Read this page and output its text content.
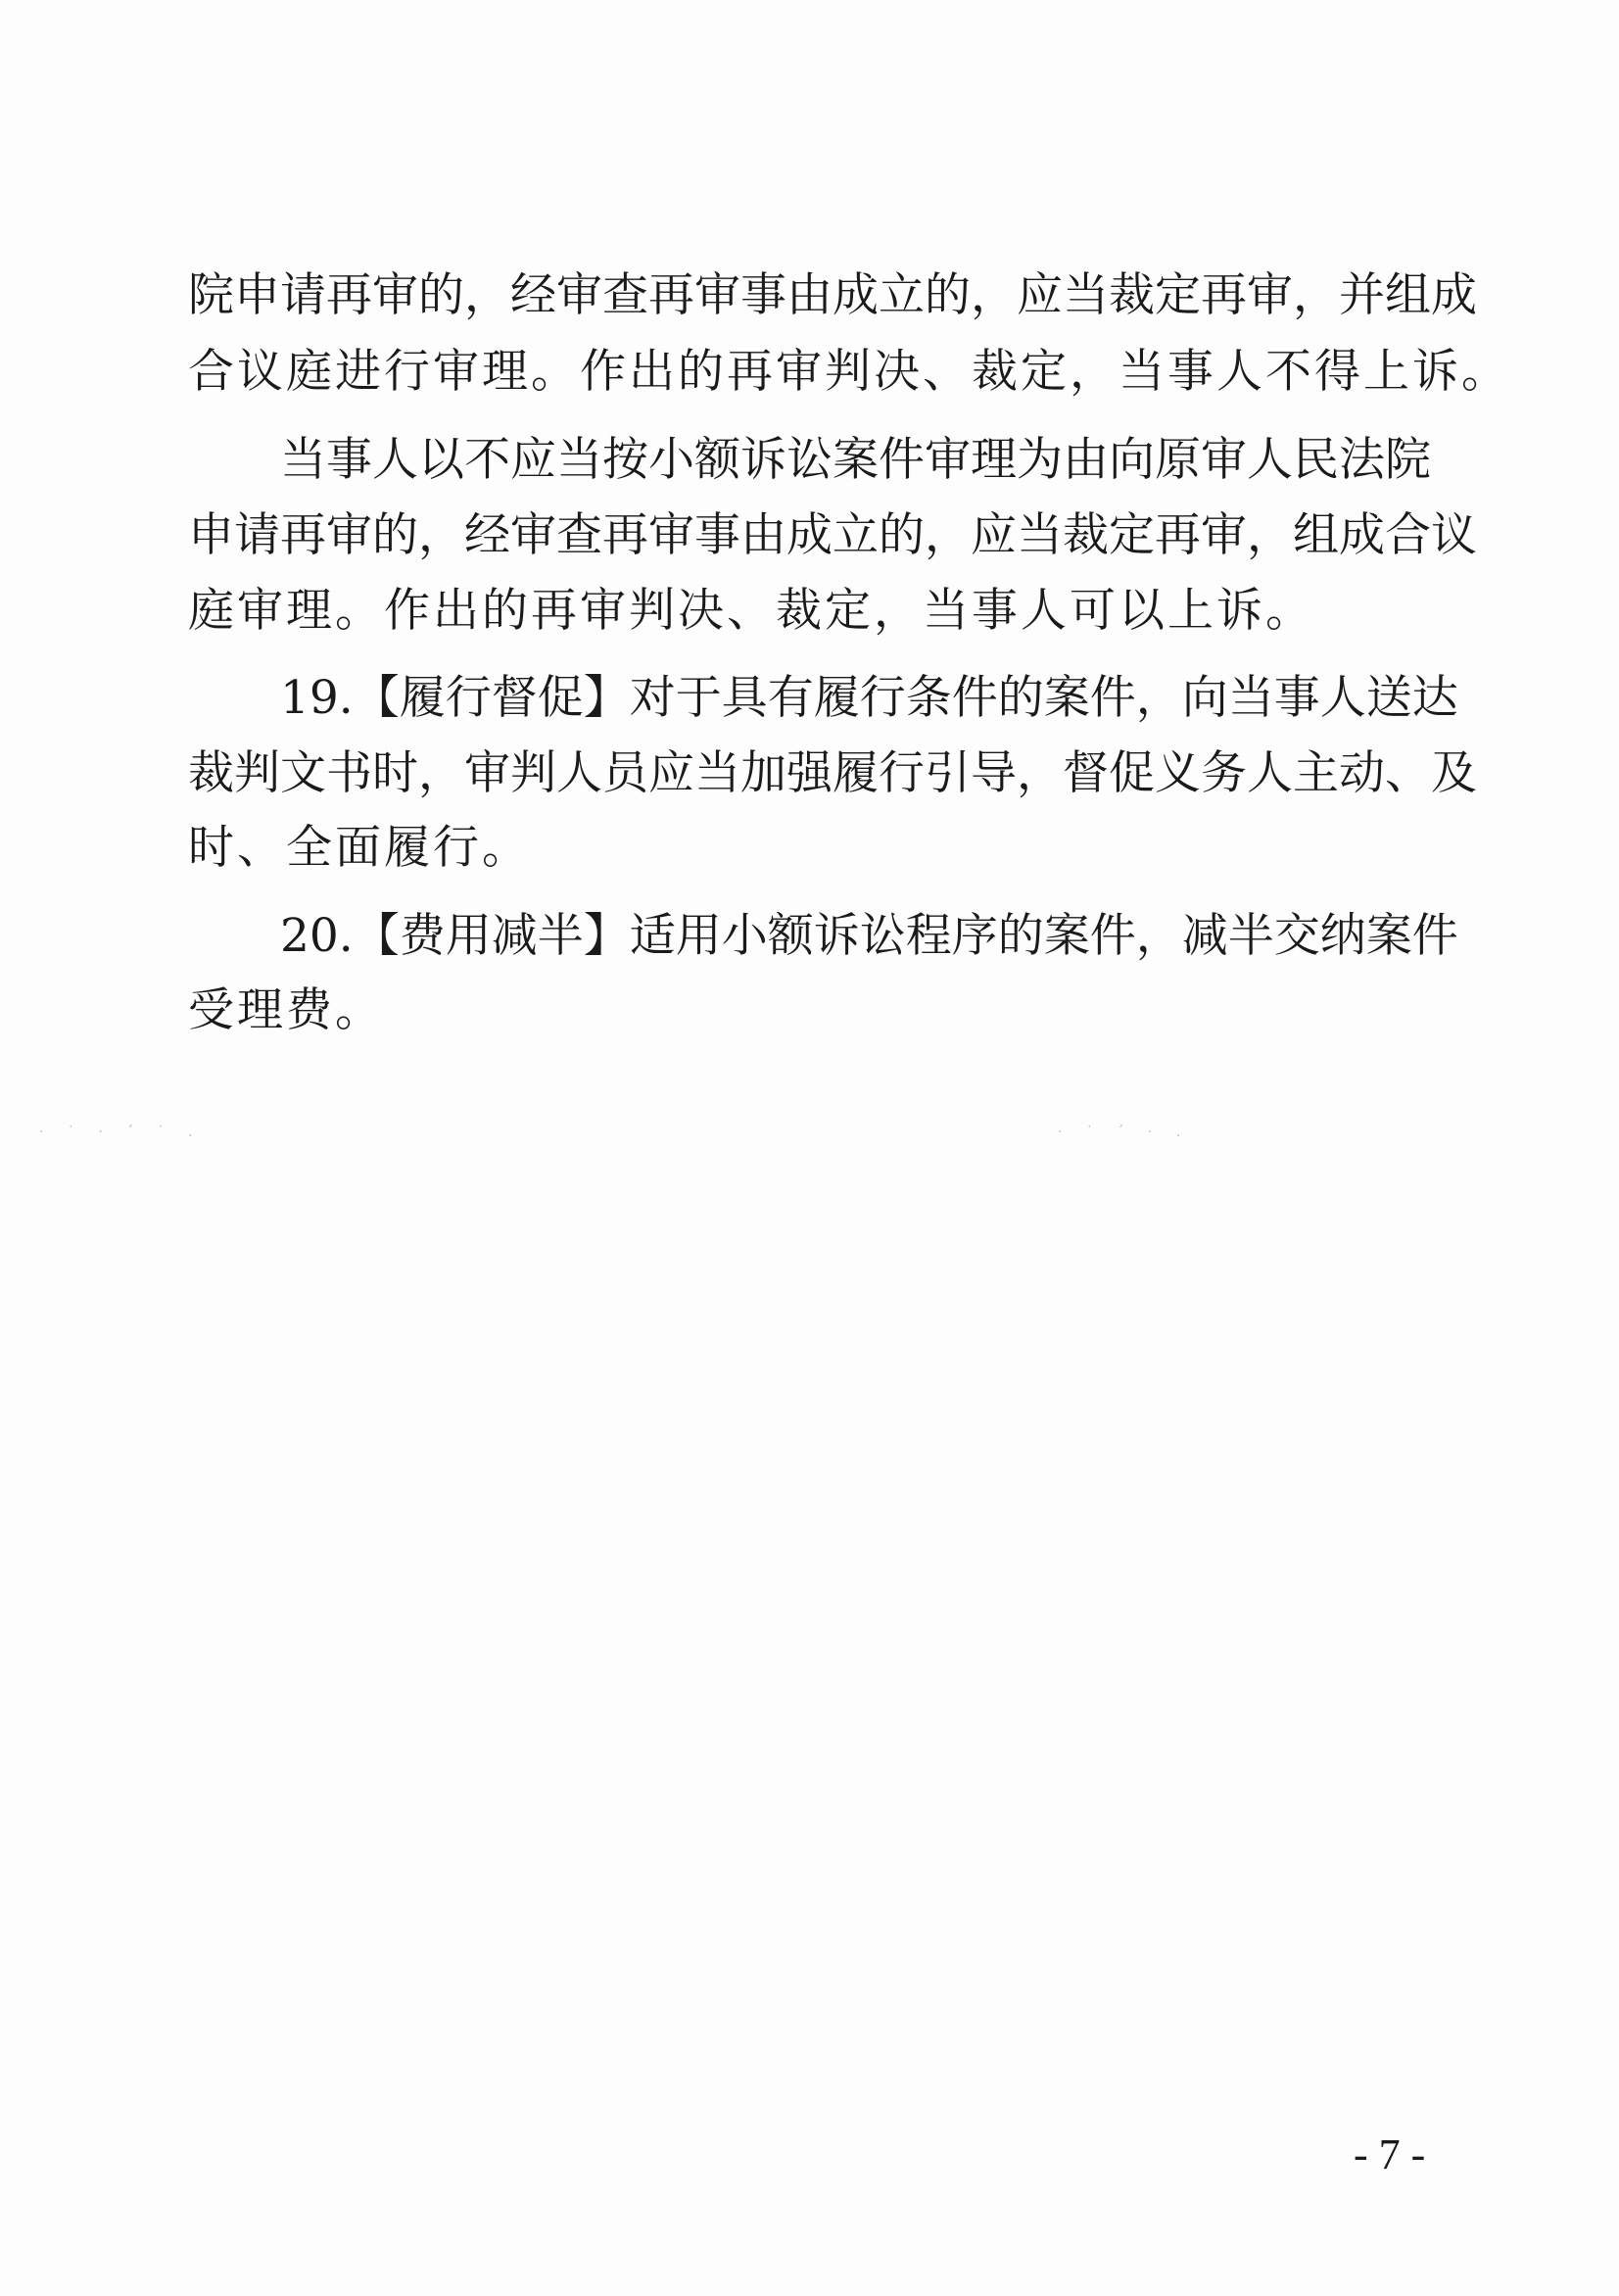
院申请再审的，经审查再审事由成立的，应当裁定再审，并组成
合议庭进行审理。作出的再审判决、裁定，当事人不得上诉。
当事人以不应当按小额诉讼案件审理为由向原审人民法院
申请再审的，经审查再审事由成立的，应当裁定再审，组成合议
庭审理。作出的再审判决、裁定，当事人可以上诉。
19.【履行督促】对于具有履行条件的案件，向当事人送达
裁判文书时，审判人员应当加强履行引导，督促义务人主动、及
时、全面履行。
20.【费用减半】适用小额诉讼程序的案件，减半交纳案件
受理费。
· ˙ · ´ ˙ .	· ˙ ´ · .
- 7 -
